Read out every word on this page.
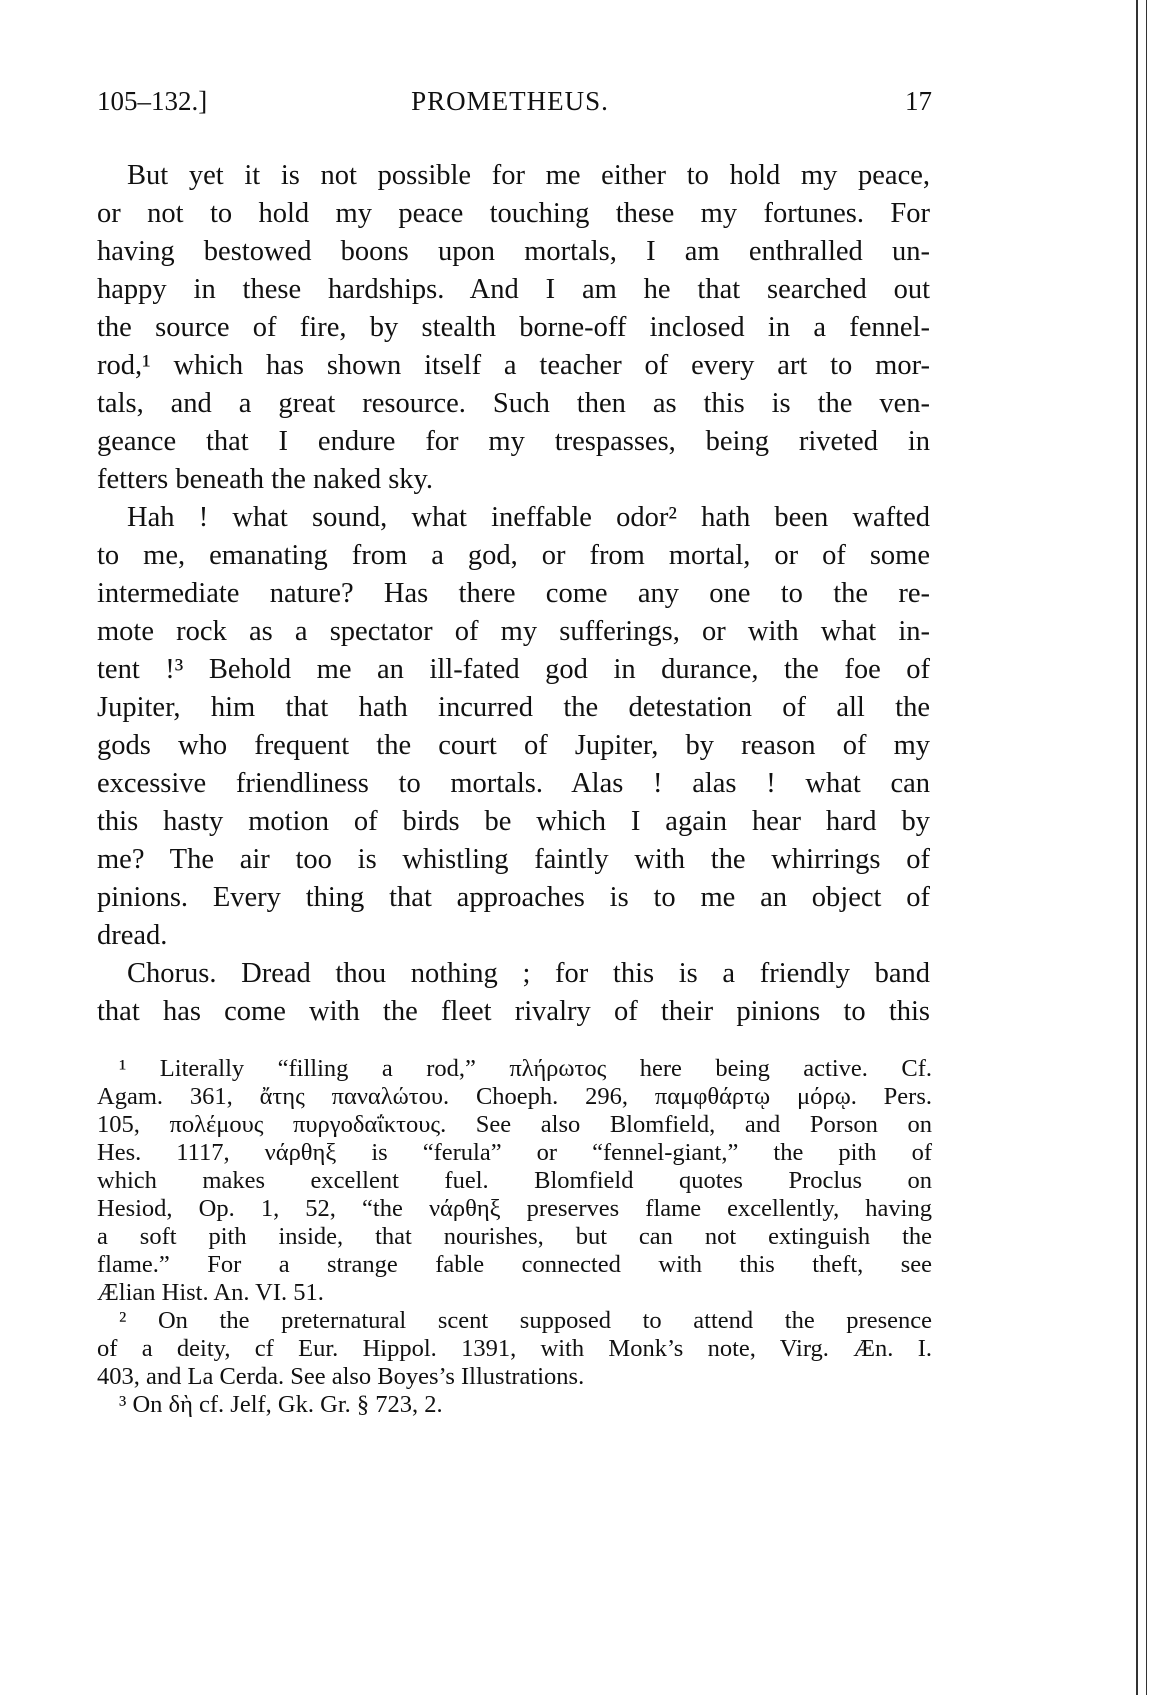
105–132.]	PROMETHEUS.	17
But yet it is not possible for me either to hold my peace,
or not to hold my peace touching these my fortunes. For
having bestowed boons upon mortals, I am enthralled un-
happy in these hardships. And I am he that searched out
the source of fire, by stealth borne-off inclosed in a fennel-
rod,¹ which has shown itself a teacher of every art to mor-
tals, and a great resource. Such then as this is the ven-
geance that I endure for my trespasses, being riveted in
fetters beneath the naked sky.
Hah ! what sound, what ineffable odor² hath been wafted
to me, emanating from a god, or from mortal, or of some
intermediate nature? Has there come any one to the re-
mote rock as a spectator of my sufferings, or with what in-
tent !³ Behold me an ill-fated god in durance, the foe of
Jupiter, him that hath incurred the detestation of all the
gods who frequent the court of Jupiter, by reason of my
excessive friendliness to mortals. Alas ! alas ! what can
this hasty motion of birds be which I again hear hard by
me? The air too is whistling faintly with the whirrings of
pinions. Every thing that approaches is to me an object of
dread.
Chorus. Dread thou nothing ; for this is a friendly band
that has come with the fleet rivalry of their pinions to this
¹ Literally “filling a rod,” πλήρωτος here being active. Cf.
Agam. 361, ἄτης παναλώτου. Choeph. 296, παμφθάρτῳ μόρῳ. Pers.
105, πολέμους πυργοδαΐκτους. See also Blomfield, and Porson on
Hes. 1117, νάρθηξ is “ferula” or “fennel-giant,” the pith of
which makes excellent fuel. Blomfield quotes Proclus on
Hesiod, Op. 1, 52, “the νάρθηξ preserves flame excellently, having
a soft pith inside, that nourishes, but can not extinguish the
flame.” For a strange fable connected with this theft, see
Ælian Hist. An. VI. 51.
² On the preternatural scent supposed to attend the presence
of a deity, cf Eur. Hippol. 1391, with Monk’s note, Virg. Æn. I.
403, and La Cerda. See also Boyes’s Illustrations.
³ On δὴ cf. Jelf, Gk. Gr. § 723, 2.
